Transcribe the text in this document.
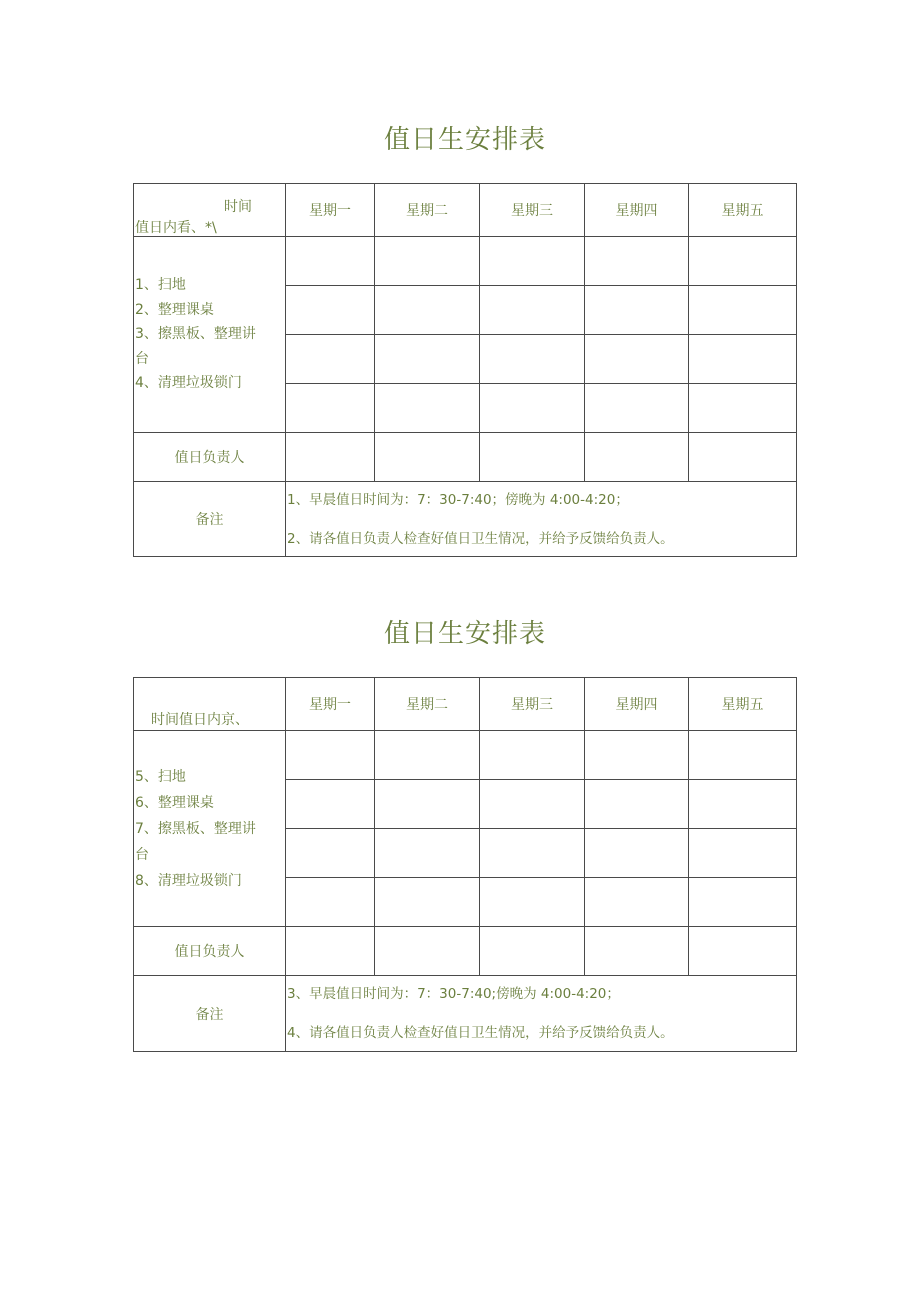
值日生安排表
时间
值日内看、*\	星期一	星期二	星期三	星期四	星期五

1、扫地
2、整理课桌
3、擦黑板、整理讲
台
4、清理垃圾锁门					

值日负责人					
备注	1、早晨值日时间为：7：30-7:40；傍晚为 4:00-4:20；
2、请各值日负责人检查好值日卫生情况，并给予反馈给负责人。				
值日生安排表
时间值日内京、	星期一	星期二	星期三	星期四	星期五

5、扫地
6、整理课桌
7、擦黑板、整理讲
台
8、清理垃圾锁门					

值日负责人					
备注	3、早晨值日时间为：7：30-7:40;傍晚为 4:00-4:20；
4、请各值日负责人检查好值日卫生情况，并给予反馈给负责人。				
